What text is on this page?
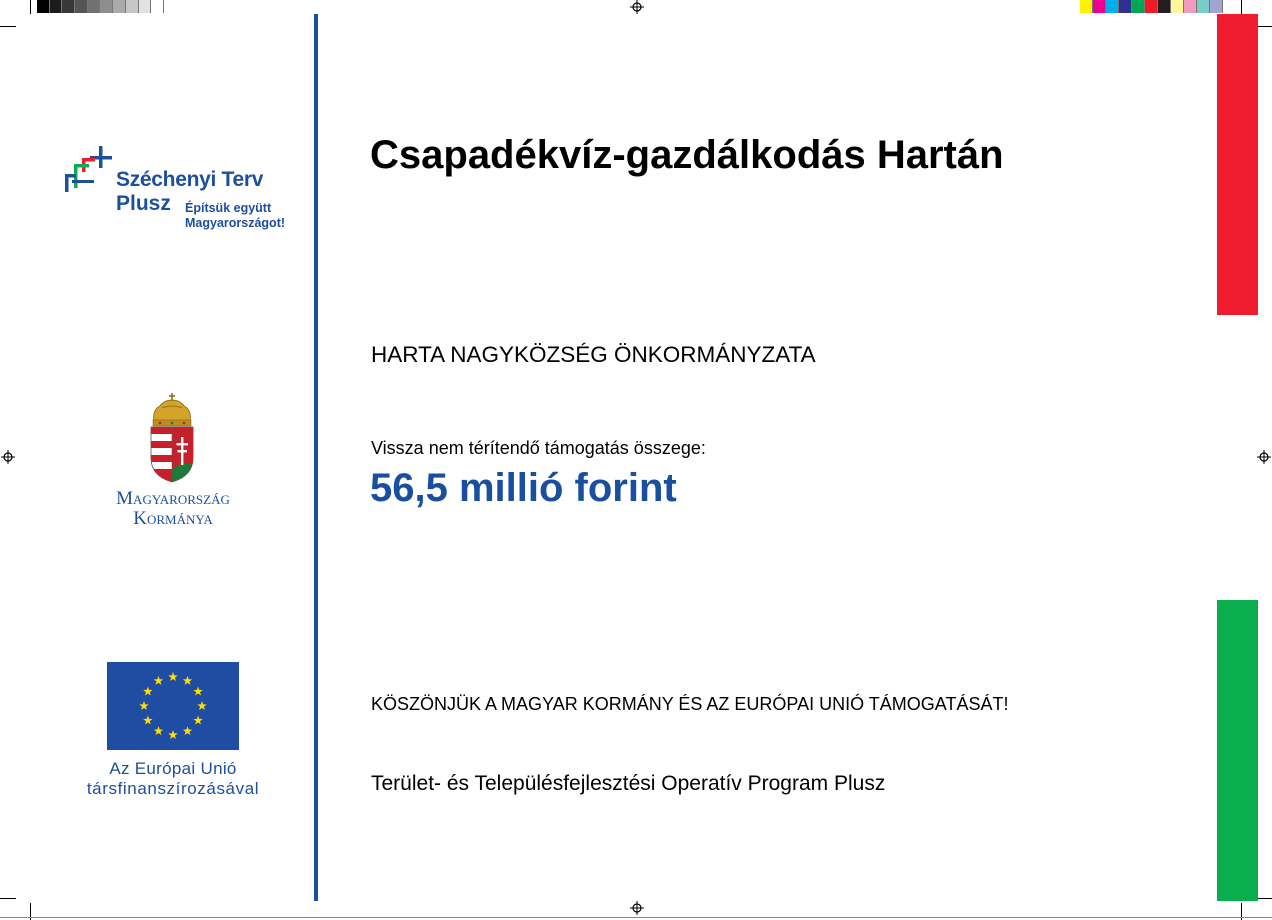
Széchenyi Terv
Plusz Építsük együtt
Magyarországot!
Magyarország
Kormánya
Az Európai Unió
társfinanszírozásával
Csapadékvíz-gazdálkodás Hartán
HARTA NAGYKÖZSÉG ÖNKORMÁNYZATA
Vissza nem térítendő támogatás összege:
56,5 millió forint
KÖSZÖNJÜK A MAGYAR KORMÁNY ÉS AZ EURÓPAI UNIÓ TÁMOGATÁSÁT!
Terület- és Településfejlesztési Operatív Program Plusz
